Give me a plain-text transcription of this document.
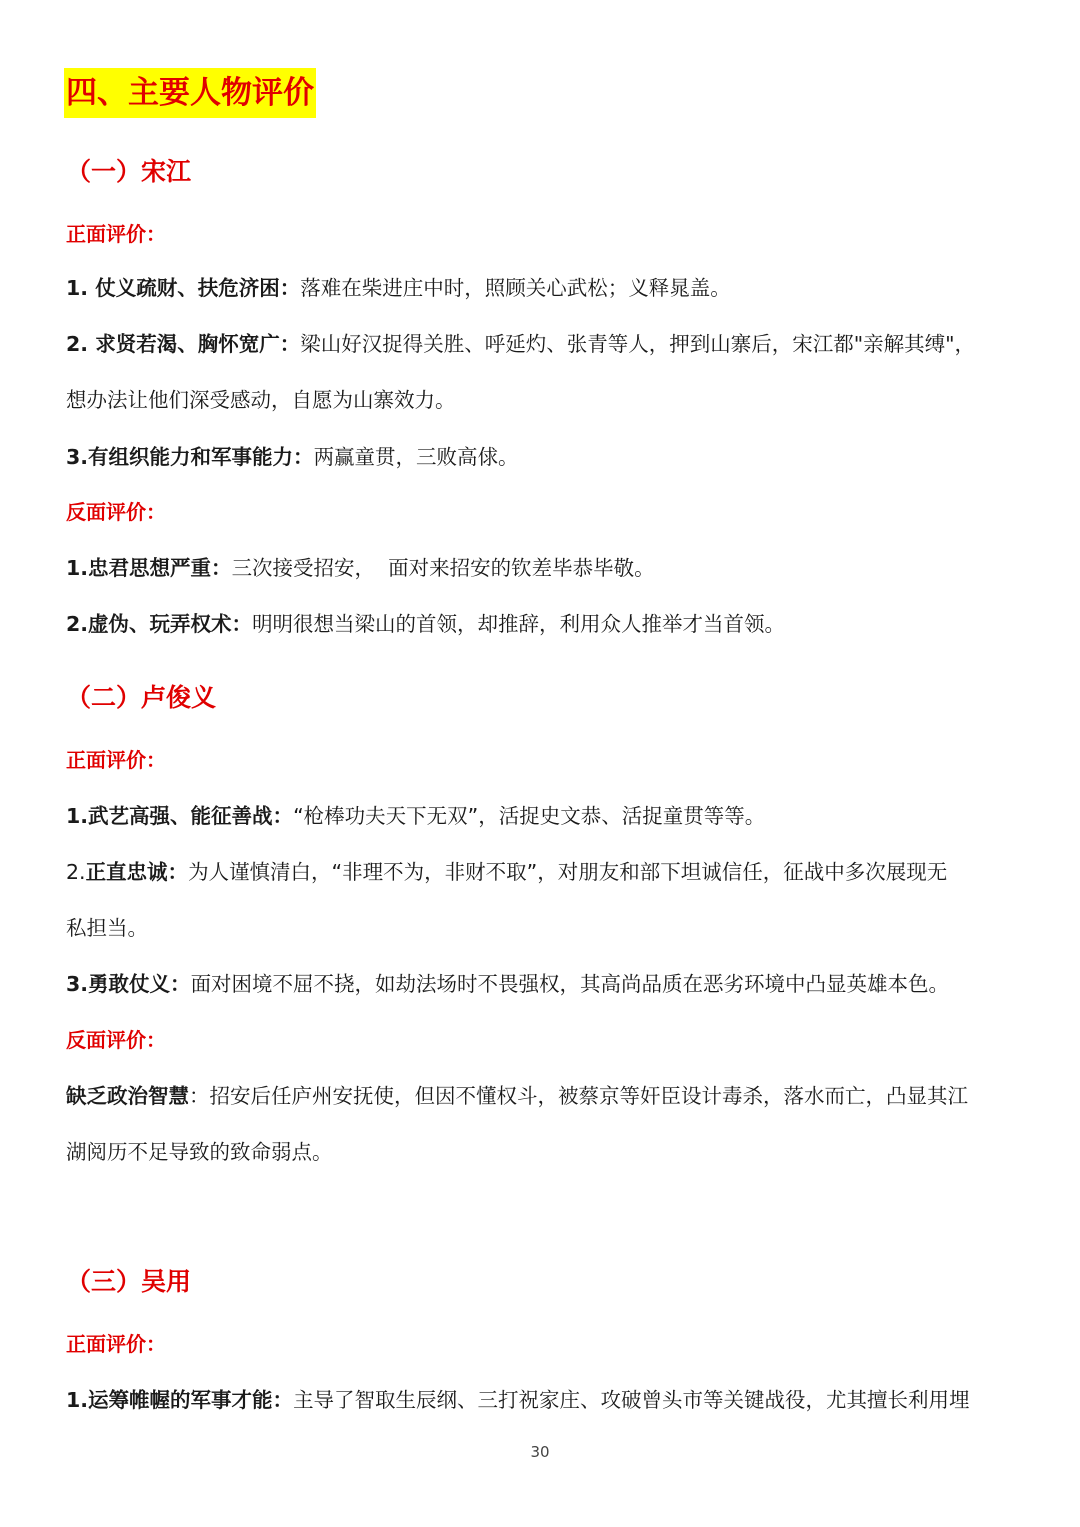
四、主要人物评价
（一）宋江
正面评价：

1. 仗义疏财、扶危济困：落难在柴进庄中时，照顾关心武松；义释晁盖。

2. 求贤若渴、胸怀宽广：梁山好汉捉得关胜、呼延灼、张青等人，押到山寨后，宋江都"亲解其缚"，

想办法让他们深受感动，自愿为山寨效力。

3.有组织能力和军事能力：两赢童贯，三败高俅。

反面评价：

1.忠君思想严重：三次接受招安，  面对来招安的钦差毕恭毕敬。

2.虚伪、玩弄权术：明明很想当梁山的首领，却推辞，利用众人推举才当首领。

（二）卢俊义
正面评价：

1.武艺高强、能征善战：“枪棒功夫天下无双”，活捉史文恭、活捉童贯等等。

2.正直忠诚：为人谨慎清白，“非理不为，非财不取”，对朋友和部下坦诚信任，征战中多次展现无

私担当。

3.勇敢仗义：面对困境不屈不挠，如劫法场时不畏强权，其高尚品质在恶劣环境中凸显英雄本色。

反面评价：

缺乏政治智慧：招安后任庐州安抚使，但因不懂权斗，被蔡京等奸臣设计毒杀，落水而亡，凸显其江

湖阅历不足导致的致命弱点。

（三）吴用
正面评价：

1.运筹帷幄的军事才能：主导了智取生辰纲、三打祝家庄、攻破曾头市等关键战役，尤其擅长利用埋

30
